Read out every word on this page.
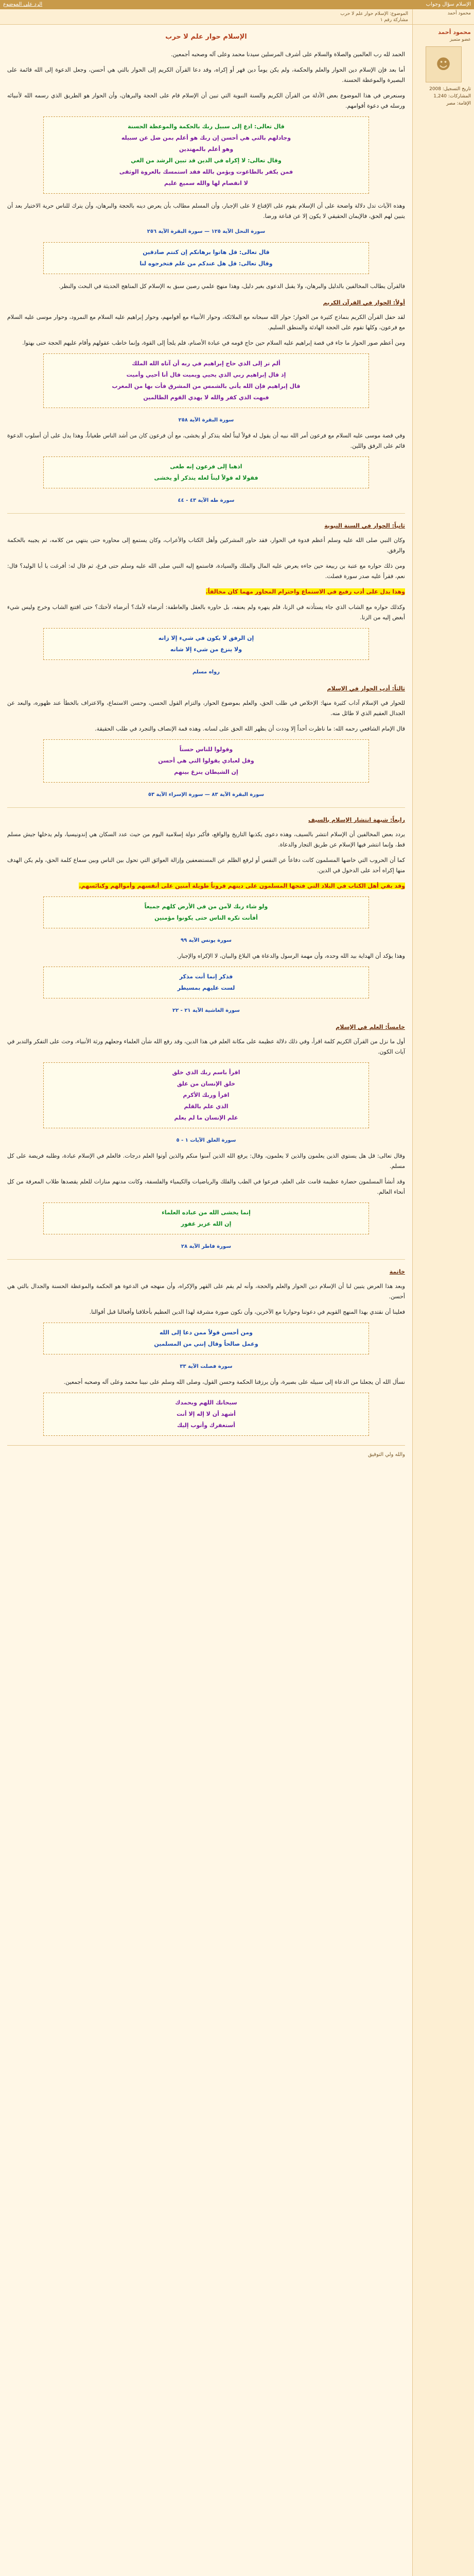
الإسلام سؤال وجواب
الرد على الموضوع
محمود أحمد
الموضوع: الإسلام حوار علم لا حرب
مشاركة رقم ١
محمود أحمد
عضو متميز
☻
تاريخ التسجيل: 2008
المشاركات: 1,240
الإقامة: مصر
الإسلام حوار علم لا حرب

الحمد لله رب العالمين والصلاة والسلام على أشرف المرسلين سيدنا محمد وعلى آله وصحبه أجمعين.

أما بعد فإن الإسلام دين الحوار والعلم والحكمة، ولم يكن يوماً دين قهر أو إكراه، وقد دعا القرآن الكريم إلى الحوار بالتي هي أحسن، وجعل الدعوة إلى الله قائمة على البصيرة والموعظة الحسنة.

وسنعرض في هذا الموضوع بعض الأدلة من القرآن الكريم والسنة النبوية التي تبين أن الإسلام قام على الحجة والبرهان، وأن الحوار هو الطريق الذي رسمه الله لأنبيائه ورسله في دعوة أقوامهم.

قال تعالى: ادع إلى سبيل ربك بالحكمة والموعظة الحسنة
وجادلهم بالتي هي أحسن إن ربك هو أعلم بمن ضل عن سبيله
وهو أعلم بالمهتدين
وقال تعالى: لا إكراه في الدين قد تبين الرشد من الغي
فمن يكفر بالطاغوت ويؤمن بالله فقد استمسك بالعروة الوثقى
لا انفصام لها والله سميع عليم

وهذه الآيات تدل دلالة واضحة على أن الإسلام يقوم على الإقناع لا على الإجبار، وأن المسلم مطالب بأن يعرض دينه بالحجة والبرهان، وأن يترك للناس حرية الاختيار بعد أن يتبين لهم الحق، فالإيمان الحقيقي لا يكون إلا عن قناعة ورضا.

سورة النحل الآية ١٢٥ — سورة البقرة الآية ٢٥٦
قال تعالى: قل هاتوا برهانكم إن كنتم صادقين
وقال تعالى: قل هل عندكم من علم فتخرجوه لنا

فالقرآن يطالب المخالفين بالدليل والبرهان، ولا يقبل الدعوى بغير دليل، وهذا منهج علمي رصين سبق به الإسلام كل المناهج الحديثة في البحث والنظر.

أولاً: الحوار في القرآن الكريم

لقد حفل القرآن الكريم بنماذج كثيرة من الحوار؛ حوار الله سبحانه مع الملائكة، وحوار الأنبياء مع أقوامهم، وحوار إبراهيم عليه السلام مع النمرود، وحوار موسى عليه السلام مع فرعون، وكلها تقوم على الحجة الهادئة والمنطق السليم.

ومن أعظم صور الحوار ما جاء في قصة إبراهيم عليه السلام حين حاج قومه في عبادة الأصنام، فلم يلجأ إلى القوة، وإنما خاطب عقولهم وأقام عليهم الحجة حتى بهتوا.

ألم تر إلى الذي حاج إبراهيم في ربه أن آتاه الله الملك
إذ قال إبراهيم ربي الذي يحيي ويميت قال أنا أحيي وأميت
قال إبراهيم فإن الله يأتي بالشمس من المشرق فأت بها من المغرب
فبهت الذي كفر والله لا يهدي القوم الظالمين
سورة البقرة الآية ٢٥٨

وفي قصة موسى عليه السلام مع فرعون أمر الله نبيه أن يقول له قولاً ليناً لعله يتذكر أو يخشى، مع أن فرعون كان من أشد الناس طغياناً، وهذا يدل على أن أسلوب الدعوة قائم على الرفق واللين.

اذهبا إلى فرعون إنه طغى
فقولا له قولاً ليناً لعله يتذكر أو يخشى
سورة طه الآية ٤٣ - ٤٤
ثانياً: الحوار في السنة النبوية

وكان النبي صلى الله عليه وسلم أعظم قدوة في الحوار، فقد حاور المشركين وأهل الكتاب والأعراب، وكان يستمع إلى محاوره حتى ينتهي من كلامه، ثم يجيبه بالحكمة والرفق.

ومن ذلك حواره مع عتبة بن ربيعة حين جاءه يعرض عليه المال والملك والسيادة، فاستمع إليه النبي صلى الله عليه وسلم حتى فرغ، ثم قال له: أفرغت يا أبا الوليد؟ قال: نعم، فقرأ عليه صدر سورة فصلت.

وهذا يدل على أدب رفيع في الاستماع واحترام المحاور مهما كان مخالفاً.

وكذلك حواره مع الشاب الذي جاء يستأذنه في الزنا، فلم ينهره ولم يعنفه، بل حاوره بالعقل والعاطفة: أترضاه لأمك؟ أترضاه لأختك؟ حتى اقتنع الشاب وخرج وليس شيء أبغض إليه من الزنا.

إن الرفق لا يكون في شيء إلا زانه
ولا ينزع من شيء إلا شانه
رواه مسلم
ثالثاً: أدب الحوار في الإسلام

للحوار في الإسلام آداب كثيرة منها: الإخلاص في طلب الحق، والعلم بموضوع الحوار، والتزام القول الحسن، وحسن الاستماع، والاعتراف بالخطأ عند ظهوره، والبعد عن الجدال العقيم الذي لا طائل منه.

قال الإمام الشافعي رحمه الله: ما ناظرت أحداً إلا وددت أن يظهر الله الحق على لسانه. وهذه قمة الإنصاف والتجرد في طلب الحقيقة.

وقولوا للناس حسناً
وقل لعبادي يقولوا التي هي أحسن
إن الشيطان ينزغ بينهم
سورة البقرة الآية ٨٣ — سورة الإسراء الآية ٥٣
رابعاً: شبهة انتشار الإسلام بالسيف

يردد بعض المخالفين أن الإسلام انتشر بالسيف، وهذه دعوى يكذبها التاريخ والواقع، فأكبر دولة إسلامية اليوم من حيث عدد السكان هي إندونيسيا، ولم يدخلها جيش مسلم قط، وإنما انتشر فيها الإسلام عن طريق التجار والدعاة.

كما أن الحروب التي خاضها المسلمون كانت دفاعاً عن النفس أو لرفع الظلم عن المستضعفين وإزالة العوائق التي تحول بين الناس وبين سماع كلمة الحق، ولم يكن الهدف منها إكراه أحد على الدخول في الدين.

وقد بقي أهل الكتاب في البلاد التي فتحها المسلمون على دينهم قروناً طويلة آمنين على أنفسهم وأموالهم وكنائسهم.

ولو شاء ربك لآمن من في الأرض كلهم جميعاً
أفأنت تكره الناس حتى يكونوا مؤمنين
سورة يونس الآية ٩٩

وهذا يؤكد أن الهداية بيد الله وحده، وأن مهمة الرسول والدعاة هي البلاغ والبيان، لا الإكراه والإجبار.

فذكر إنما أنت مذكر
لست عليهم بمسيطر
سورة الغاشية الآية ٢١ - ٢٢
خامساً: العلم في الإسلام

أول ما نزل من القرآن الكريم كلمة اقرأ، وفي ذلك دلالة عظيمة على مكانة العلم في هذا الدين، وقد رفع الله شأن العلماء وجعلهم ورثة الأنبياء، وحث على التفكر والتدبر في آيات الكون.

اقرأ باسم ربك الذي خلق
خلق الإنسان من علق
اقرأ وربك الأكرم
الذي علم بالقلم
علم الإنسان ما لم يعلم
سورة العلق الآيات ١ - ٥

وقال تعالى: قل هل يستوي الذين يعلمون والذين لا يعلمون، وقال: يرفع الله الذين آمنوا منكم والذين أوتوا العلم درجات. فالعلم في الإسلام عبادة، وطلبه فريضة على كل مسلم.

وقد أنشأ المسلمون حضارة عظيمة قامت على العلم، فبرعوا في الطب والفلك والرياضيات والكيمياء والفلسفة، وكانت مدنهم منارات للعلم يقصدها طلاب المعرفة من كل أنحاء العالم.

إنما يخشى الله من عباده العلماء
إن الله عزيز غفور
سورة فاطر الآية ٢٨
خاتمة

وبعد هذا العرض يتبين لنا أن الإسلام دين الحوار والعلم والحجة، وأنه لم يقم على القهر والإكراه، وأن منهجه في الدعوة هو الحكمة والموعظة الحسنة والجدال بالتي هي أحسن.

فعلينا أن نقتدي بهذا المنهج القويم في دعوتنا وحوارنا مع الآخرين، وأن نكون صورة مشرقة لهذا الدين العظيم بأخلاقنا وأفعالنا قبل أقوالنا.

ومن أحسن قولاً ممن دعا إلى الله
وعمل صالحاً وقال إنني من المسلمين
سورة فصلت الآية ٣٣

نسأل الله أن يجعلنا من الدعاة إلى سبيله على بصيرة، وأن يرزقنا الحكمة وحسن القول، وصلى الله وسلم على نبينا محمد وعلى آله وصحبه أجمعين.

سبحانك اللهم وبحمدك
أشهد أن لا إله إلا أنت
أستغفرك وأتوب إليك
والله ولي التوفيق
